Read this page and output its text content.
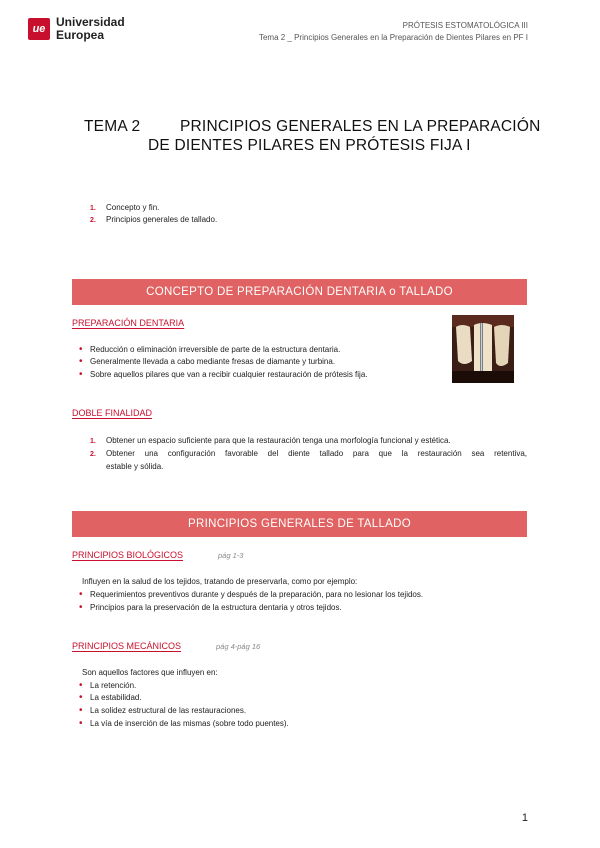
ue Universidad
Europea
PRÓTESIS ESTOMATOLÓGICA III
Tema 2 _ Principios Generales en la Preparación de Dientes Pilares en PF I
TEMA 2	PRINCIPIOS GENERALES EN LA PREPARACIÓN
DE DIENTES PILARES EN PRÓTESIS FIJA I
1. Concepto y fin.
2. Principios generales de tallado.
CONCEPTO DE PREPARACIÓN DENTARIA o TALLADO
PREPARACIÓN DENTARIA
• Reducción o eliminación irreversible de parte de la estructura dentaria.
• Generalmente llevada a cabo mediante fresas de diamante y turbina.
• Sobre aquellos pilares que van a recibir cualquier restauración de prótesis fija.
DOBLE FINALIDAD
1. Obtener un espacio suficiente para que la restauración tenga una morfología funcional y estética.
2. Obtener una configuración favorable del diente tallado para que la restauración sea retentiva,
estable y sólida.
PRINCIPIOS GENERALES DE TALLADO
PRINCIPIOS BIOLÓGICOS	pág 1-3
Influyen en la salud de los tejidos, tratando de preservarla, como por ejemplo:
• Requerimientos preventivos durante y después de la preparación, para no lesionar los tejidos.
• Principios para la preservación de la estructura dentaria y otros tejidos.
PRINCIPIOS MECÁNICOS	pág 4-pág 16
Son aquellos factores que influyen en:
• La retención.
• La estabilidad.
• La solidez estructural de las restauraciones.
• La vía de inserción de las mismas (sobre todo puentes).
1
